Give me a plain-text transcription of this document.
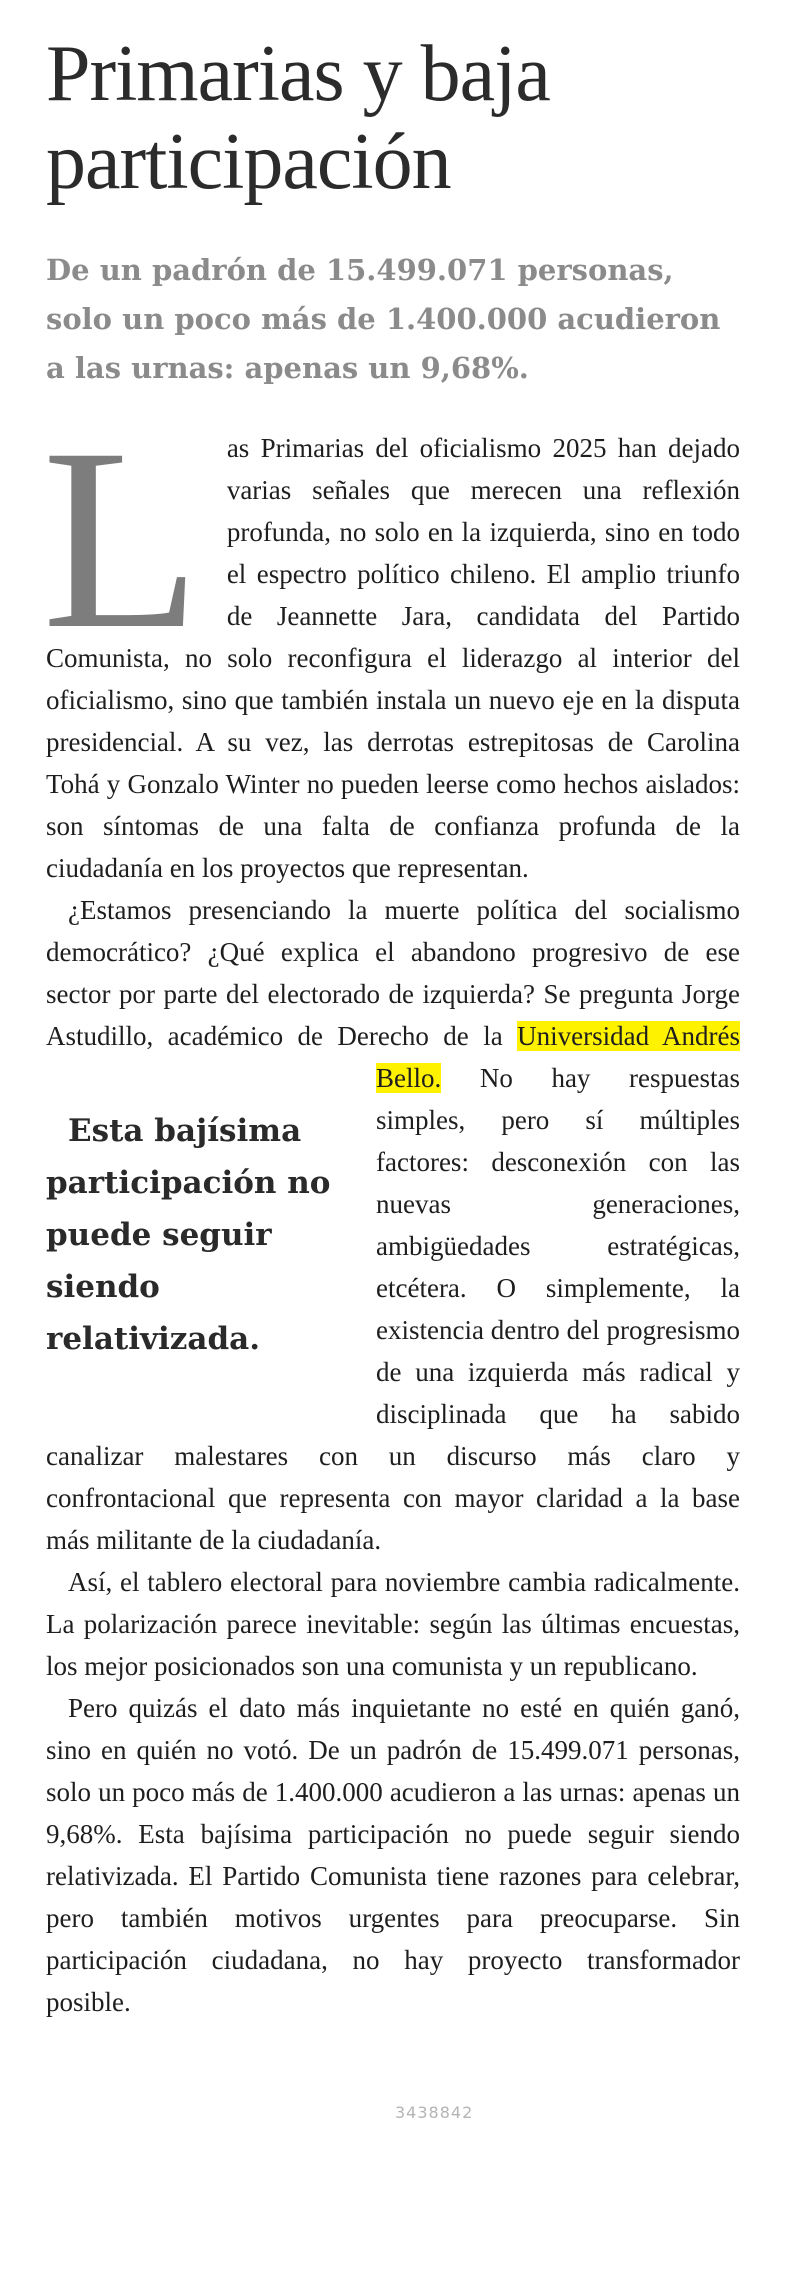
Primarias y baja participación

De un padrón de 15.499.071 personas, solo un poco más de 1.400.000 acudieron a las urnas: apenas un 9,68%.

Las Primarias del oficialismo 2025 han dejado varias señales que merecen una reflexión profunda, no solo en la izquierda, sino en todo el espectro político chileno. El amplio triunfo de Jeannette Jara, candidata del Partido Comunista, no solo reconfigura el liderazgo al interior del oficialismo, sino que también instala un nuevo eje en la disputa presidencial. A su vez, las derrotas estrepitosas de Carolina Tohá y Gonzalo Winter no pueden leerse como hechos aislados: son síntomas de una falta de confianza profunda de la ciudadanía en los proyectos que representan.

¿Estamos presenciando la muerte política del socialismo democrático? ¿Qué explica el abandono progresivo de ese sector por parte del electorado de izquierda? Se pregunta Jorge Astudillo, académico de Derecho de la Universidad Andrés Bello.
Esta bajísima participación no puede seguir siendo relativizada.
No hay respuestas simples, pero sí múltiples factores: desconexión con las nuevas generaciones, ambigüedades estratégicas, etcétera. O simplemente, la existencia dentro del progresismo de una izquierda más radical y disciplinada que ha sabido canalizar malestares con un discurso más claro y confrontacional que representa con mayor claridad a la base más militante de la ciudadanía.

Así, el tablero electoral para noviembre cambia radicalmente. La polarización parece inevitable: según las últimas encuestas, los mejor posicionados son una comunista y un republicano.

Pero quizás el dato más inquietante no esté en quién ganó, sino en quién no votó. De un padrón de 15.499.071 personas, solo un poco más de 1.400.000 acudieron a las urnas: apenas un 9,68%. Esta bajísima participación no puede seguir siendo relativizada. El Partido Comunista tiene razones para celebrar, pero también motivos urgentes para preocuparse. Sin participación ciudadana, no hay proyecto transformador posible.

3438842
